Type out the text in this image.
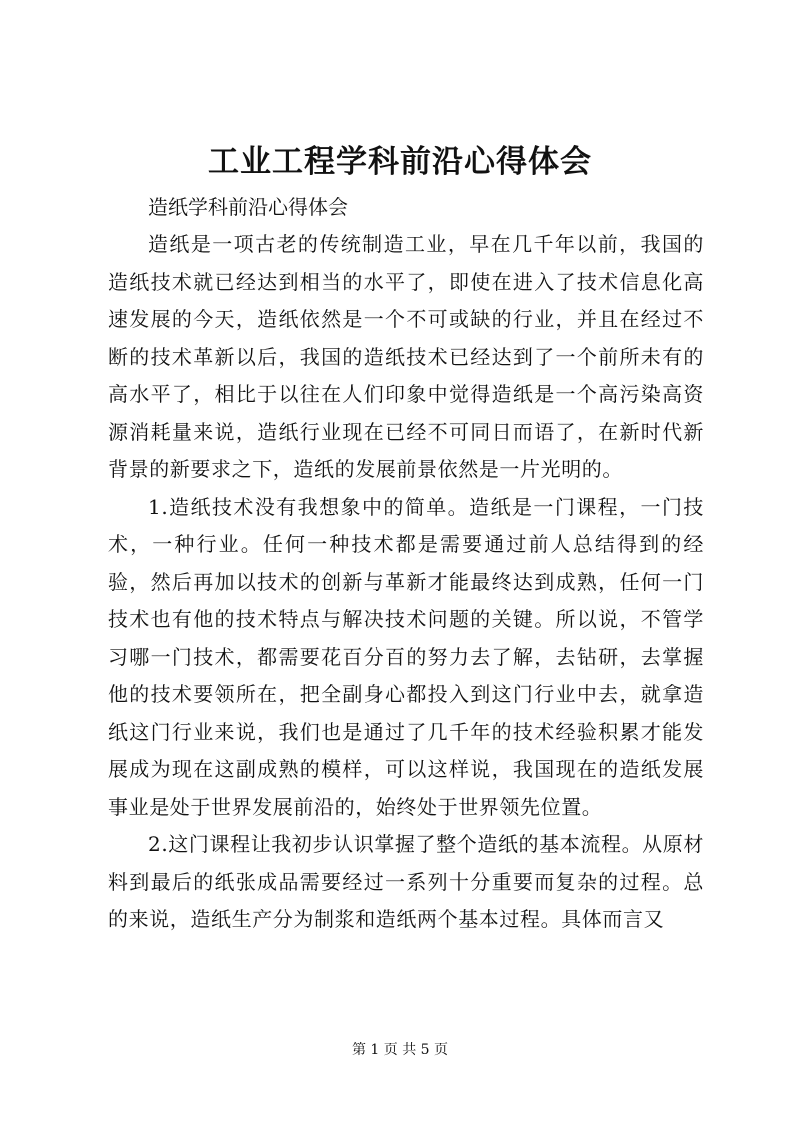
工业工程学科前沿心得体会
造纸学科前沿心得体会

造纸是一项古老的传统制造工业，早在几千年以前，我国的造纸技术就已经达到相当的水平了，即使在进入了技术信息化高速发展的今天，造纸依然是一个不可或缺的行业，并且在经过不断的技术革新以后，我国的造纸技术已经达到了一个前所未有的高水平了，相比于以往在人们印象中觉得造纸是一个高污染高资源消耗量来说，造纸行业现在已经不可同日而语了，在新时代新背景的新要求之下，造纸的发展前景依然是一片光明的。

1.造纸技术没有我想象中的简单。造纸是一门课程，一门技术，一种行业。任何一种技术都是需要通过前人总结得到的经验，然后再加以技术的创新与革新才能最终达到成熟，任何一门技术也有他的技术特点与解决技术问题的关键。所以说，不管学习哪一门技术，都需要花百分百的努力去了解，去钻研，去掌握他的技术要领所在，把全副身心都投入到这门行业中去，就拿造纸这门行业来说，我们也是通过了几千年的技术经验积累才能发展成为现在这副成熟的模样，可以这样说，我国现在的造纸发展事业是处于世界发展前沿的，始终处于世界领先位置。

2.这门课程让我初步认识掌握了整个造纸的基本流程。从原材料到最后的纸张成品需要经过一系列十分重要而复杂的过程。总的来说，造纸生产分为制浆和造纸两个基本过程。具体而言又

第 1 页 共 5 页
